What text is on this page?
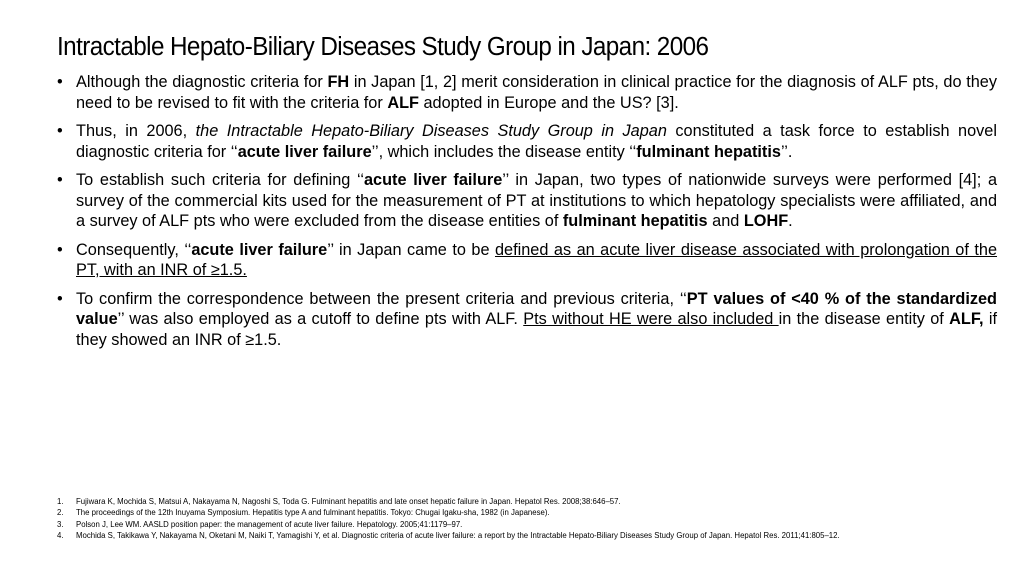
Intractable Hepato-Biliary Diseases Study Group in Japan: 2006
• Although the diagnostic criteria for FH in Japan [1, 2] merit consideration in clinical practice for the diagnosis of ALF pts, do they need to be revised to fit with the criteria for ALF adopted in Europe and the US? [3].
• Thus, in 2006, the Intractable Hepato-Biliary Diseases Study Group in Japan constituted a task force to establish novel diagnostic criteria for ‘‘acute liver failure’’, which includes the disease entity ‘‘fulminant hepatitis’’.
• To establish such criteria for defining ‘‘acute liver failure’’ in Japan, two types of nationwide surveys were performed [4]; a survey of the commercial kits used for the measurement of PT at institutions to which hepatology specialists were affiliated, and a survey of ALF pts who were excluded from the disease entities of fulminant hepatitis and LOHF.
• Consequently, ‘‘acute liver failure’’ in Japan came to be defined as an acute liver disease associated with prolongation of the PT, with an INR of ≥1.5.
• To confirm the correspondence between the present criteria and previous criteria, ‘‘PT values of <40 % of the standardized value’’ was also employed as a cutoff to define pts with ALF. Pts without HE were also included in the disease entity of ALF, if they showed an INR of ≥1.5.
1. Fujiwara K, Mochida S, Matsui A, Nakayama N, Nagoshi S, Toda G. Fulminant hepatitis and late onset hepatic failure in Japan. Hepatol Res. 2008;38:646–57.
2. The proceedings of the 12th Inuyama Symposium. Hepatitis type A and fulminant hepatitis. Tokyo: Chugai Igaku-sha, 1982 (in Japanese).
3. Polson J, Lee WM. AASLD position paper: the management of acute liver failure. Hepatology. 2005;41:1179–97.
4. Mochida S, Takikawa Y, Nakayama N, Oketani M, Naiki T, Yamagishi Y, et al. Diagnostic criteria of acute liver failure: a report by the Intractable Hepato-Biliary Diseases Study Group of Japan. Hepatol Res. 2011;41:805–12.
